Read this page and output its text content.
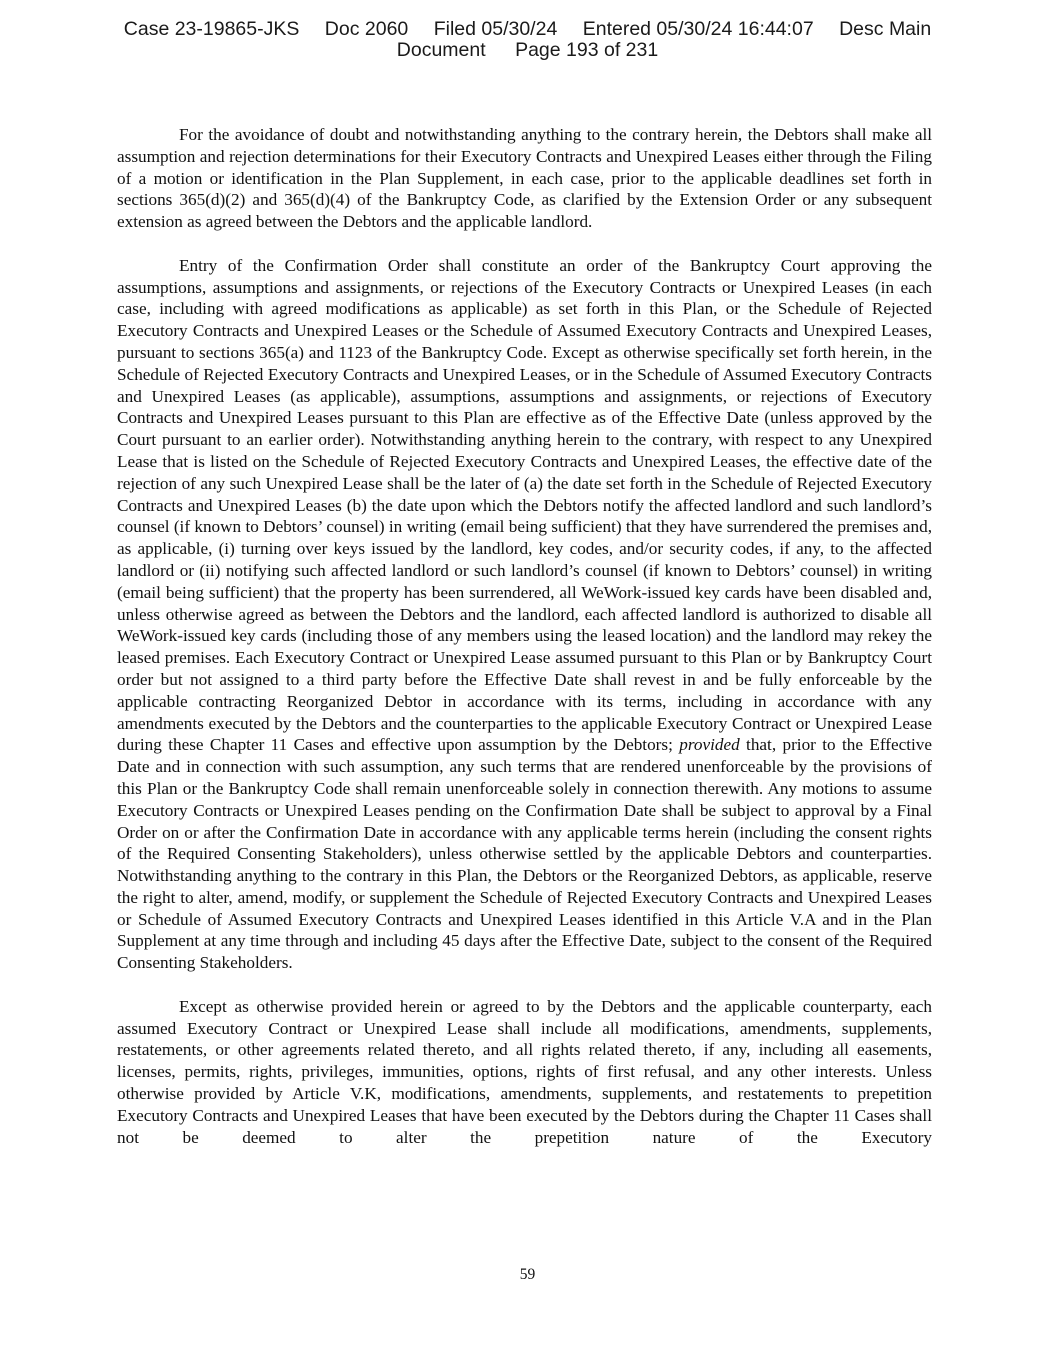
Case 23-19865-JKS Doc 2060 Filed 05/30/24 Entered 05/30/24 16:44:07 Desc Main
Document Page 193 of 231

For the avoidance of doubt and notwithstanding anything to the contrary herein, the Debtors shall make all assumption and rejection determinations for their Executory Contracts and Unexpired Leases either through the Filing of a motion or identification in the Plan Supplement, in each case, prior to the applicable deadlines set forth in sections 365(d)(2) and 365(d)(4) of the Bankruptcy Code, as clarified by the Extension Order or any subsequent extension as agreed between the Debtors and the applicable landlord.

Entry of the Confirmation Order shall constitute an order of the Bankruptcy Court approving the assumptions, assumptions and assignments, or rejections of the Executory Contracts or Unexpired Leases (in each case, including with agreed modifications as applicable) as set forth in this Plan, or the Schedule of Rejected Executory Contracts and Unexpired Leases or the Schedule of Assumed Executory Contracts and Unexpired Leases, pursuant to sections 365(a) and 1123 of the Bankruptcy Code. Except as otherwise specifically set forth herein, in the Schedule of Rejected Executory Contracts and Unexpired Leases, or in the Schedule of Assumed Executory Contracts and Unexpired Leases (as applicable), assumptions, assumptions and assignments, or rejections of Executory Contracts and Unexpired Leases pursuant to this Plan are effective as of the Effective Date (unless approved by the Court pursuant to an earlier order). Notwithstanding anything herein to the contrary, with respect to any Unexpired Lease that is listed on the Schedule of Rejected Executory Contracts and Unexpired Leases, the effective date of the rejection of any such Unexpired Lease shall be the later of (a) the date set forth in the Schedule of Rejected Executory Contracts and Unexpired Leases (b) the date upon which the Debtors notify the affected landlord and such landlord’s counsel (if known to Debtors’ counsel) in writing (email being sufficient) that they have surrendered the premises and, as applicable, (i) turning over keys issued by the landlord, key codes, and/or security codes, if any, to the affected landlord or (ii) notifying such affected landlord or such landlord’s counsel (if known to Debtors’ counsel) in writing (email being sufficient) that the property has been surrendered, all WeWork-issued key cards have been disabled and, unless otherwise agreed as between the Debtors and the landlord, each affected landlord is authorized to disable all WeWork-issued key cards (including those of any members using the leased location) and the landlord may rekey the leased premises. Each Executory Contract or Unexpired Lease assumed pursuant to this Plan or by Bankruptcy Court order but not assigned to a third party before the Effective Date shall revest in and be fully enforceable by the applicable contracting Reorganized Debtor in accordance with its terms, including in accordance with any amendments executed by the Debtors and the counterparties to the applicable Executory Contract or Unexpired Lease during these Chapter 11 Cases and effective upon assumption by the Debtors; provided that, prior to the Effective Date and in connection with such assumption, any such terms that are rendered unenforceable by the provisions of this Plan or the Bankruptcy Code shall remain unenforceable solely in connection therewith. Any motions to assume Executory Contracts or Unexpired Leases pending on the Confirmation Date shall be subject to approval by a Final Order on or after the Confirmation Date in accordance with any applicable terms herein (including the consent rights of the Required Consenting Stakeholders), unless otherwise settled by the applicable Debtors and counterparties. Notwithstanding anything to the contrary in this Plan, the Debtors or the Reorganized Debtors, as applicable, reserve the right to alter, amend, modify, or supplement the Schedule of Rejected Executory Contracts and Unexpired Leases or Schedule of Assumed Executory Contracts and Unexpired Leases identified in this Article V.A and in the Plan Supplement at any time through and including 45 days after the Effective Date, subject to the consent of the Required Consenting Stakeholders.

Except as otherwise provided herein or agreed to by the Debtors and the applicable counterparty, each assumed Executory Contract or Unexpired Lease shall include all modifications, amendments, supplements, restatements, or other agreements related thereto, and all rights related thereto, if any, including all easements, licenses, permits, rights, privileges, immunities, options, rights of first refusal, and any other interests. Unless otherwise provided by Article V.K, modifications, amendments, supplements, and restatements to prepetition Executory Contracts and Unexpired Leases that have been executed by the Debtors during the Chapter 11 Cases shall not be deemed to alter the prepetition nature of the Executory

59
